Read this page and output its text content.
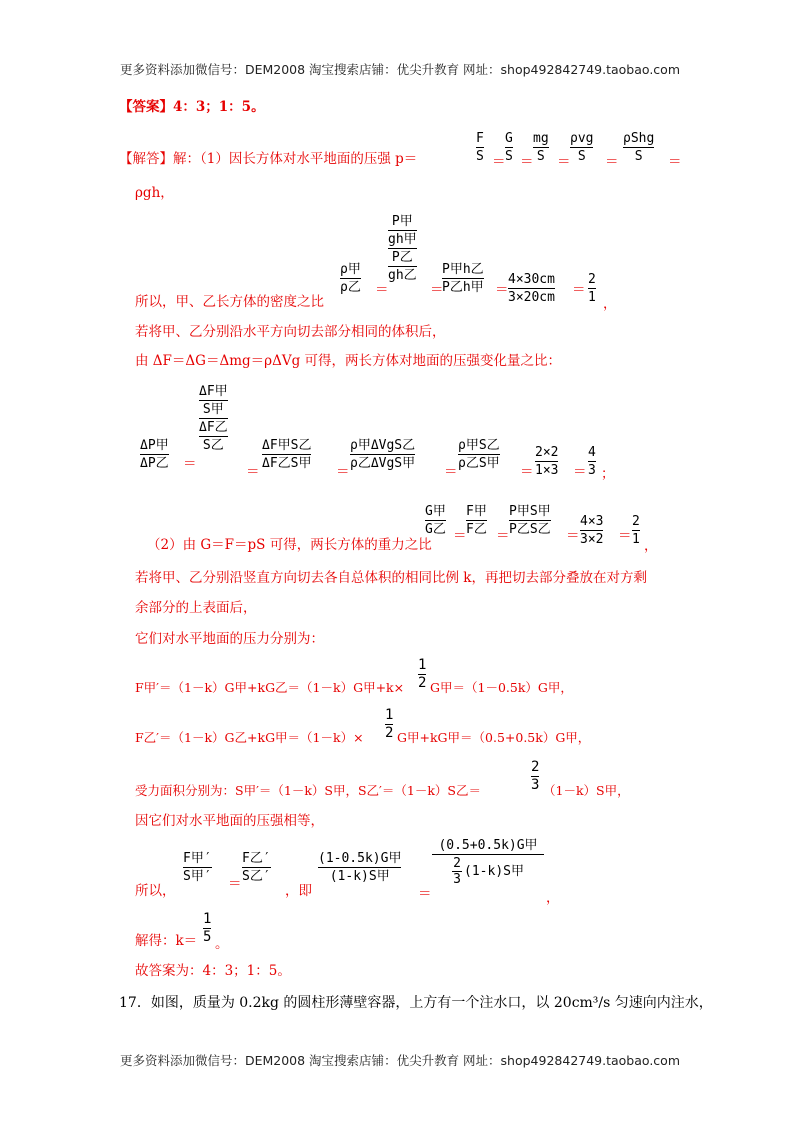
更多资料添加微信号：DEM2008 淘宝搜索店铺：优尖升教育 网址：shop492842749.taobao.com
【答案】4：3；1：5。
【解答】解：（1）因长方体对水平地面的压强 p＝
F
S ＝
G
S ＝
mg
S ＝
ρvg
S ＝
ρShg
S ＝
ρgh，
所以，甲、乙长方体的密度之比
ρ甲
ρ乙 ＝
P甲
gh甲
P乙
gh乙
＝
P甲h乙
P乙h甲 ＝
4×30cm
3×20cm ＝
2
1 ，
若将甲、乙分别沿水平方向切去部分相同的体积后，
由 ΔF＝ΔG＝Δmg＝ρΔVg 可得，两长方体对地面的压强变化量之比：
ΔP甲
ΔP乙 ＝
ΔF甲
S甲
ΔF乙
S乙
＝
ΔF甲S乙
ΔF乙S甲
＝
ρ甲ΔVgS乙
ρ乙ΔVgS甲
＝
ρ甲S乙
ρ乙S甲
＝
2×2
1×3 ＝
4
3 ；
（2）由 G＝F＝pS 可得，两长方体的重力之比
G甲
G乙 ＝
F甲
F乙 ＝
P甲S甲
P乙S乙 ＝
4×3
3×2 ＝
2
1 ，
若将甲、乙分别沿竖直方向切去各自总体积的相同比例 k，再把切去部分叠放在对方剩
余部分的上表面后，
它们对水平地面的压力分别为：
F甲′＝（1－k）G甲+kG乙＝（1－k）G甲+k×
1
2 G甲＝（1－0.5k）G甲，
F乙′＝（1－k）G乙+kG甲＝（1－k）×
1
2 G甲+kG甲＝（0.5+0.5k）G甲，
受力面积分别为：S甲′＝（1－k）S甲，S乙′＝（1－k）S乙＝
2
3 （1－k）S甲，
因它们对水平地面的压强相等，
所以，
F甲′
S甲′ ＝
F乙′
S乙′
，即
(1-0.5k)G甲
(1-k)S甲
＝
(0.5+0.5k)G甲
2
3
(1-k)S甲
，
解得：k＝
1
5 。
故答案为：4：3；1：5。
17．如图，质量为 0.2kg 的圆柱形薄壁容器，上方有一个注水口，以 20cm³/s 匀速向内注水，
更多资料添加微信号：DEM2008 淘宝搜索店铺：优尖升教育 网址：shop492842749.taobao.com
